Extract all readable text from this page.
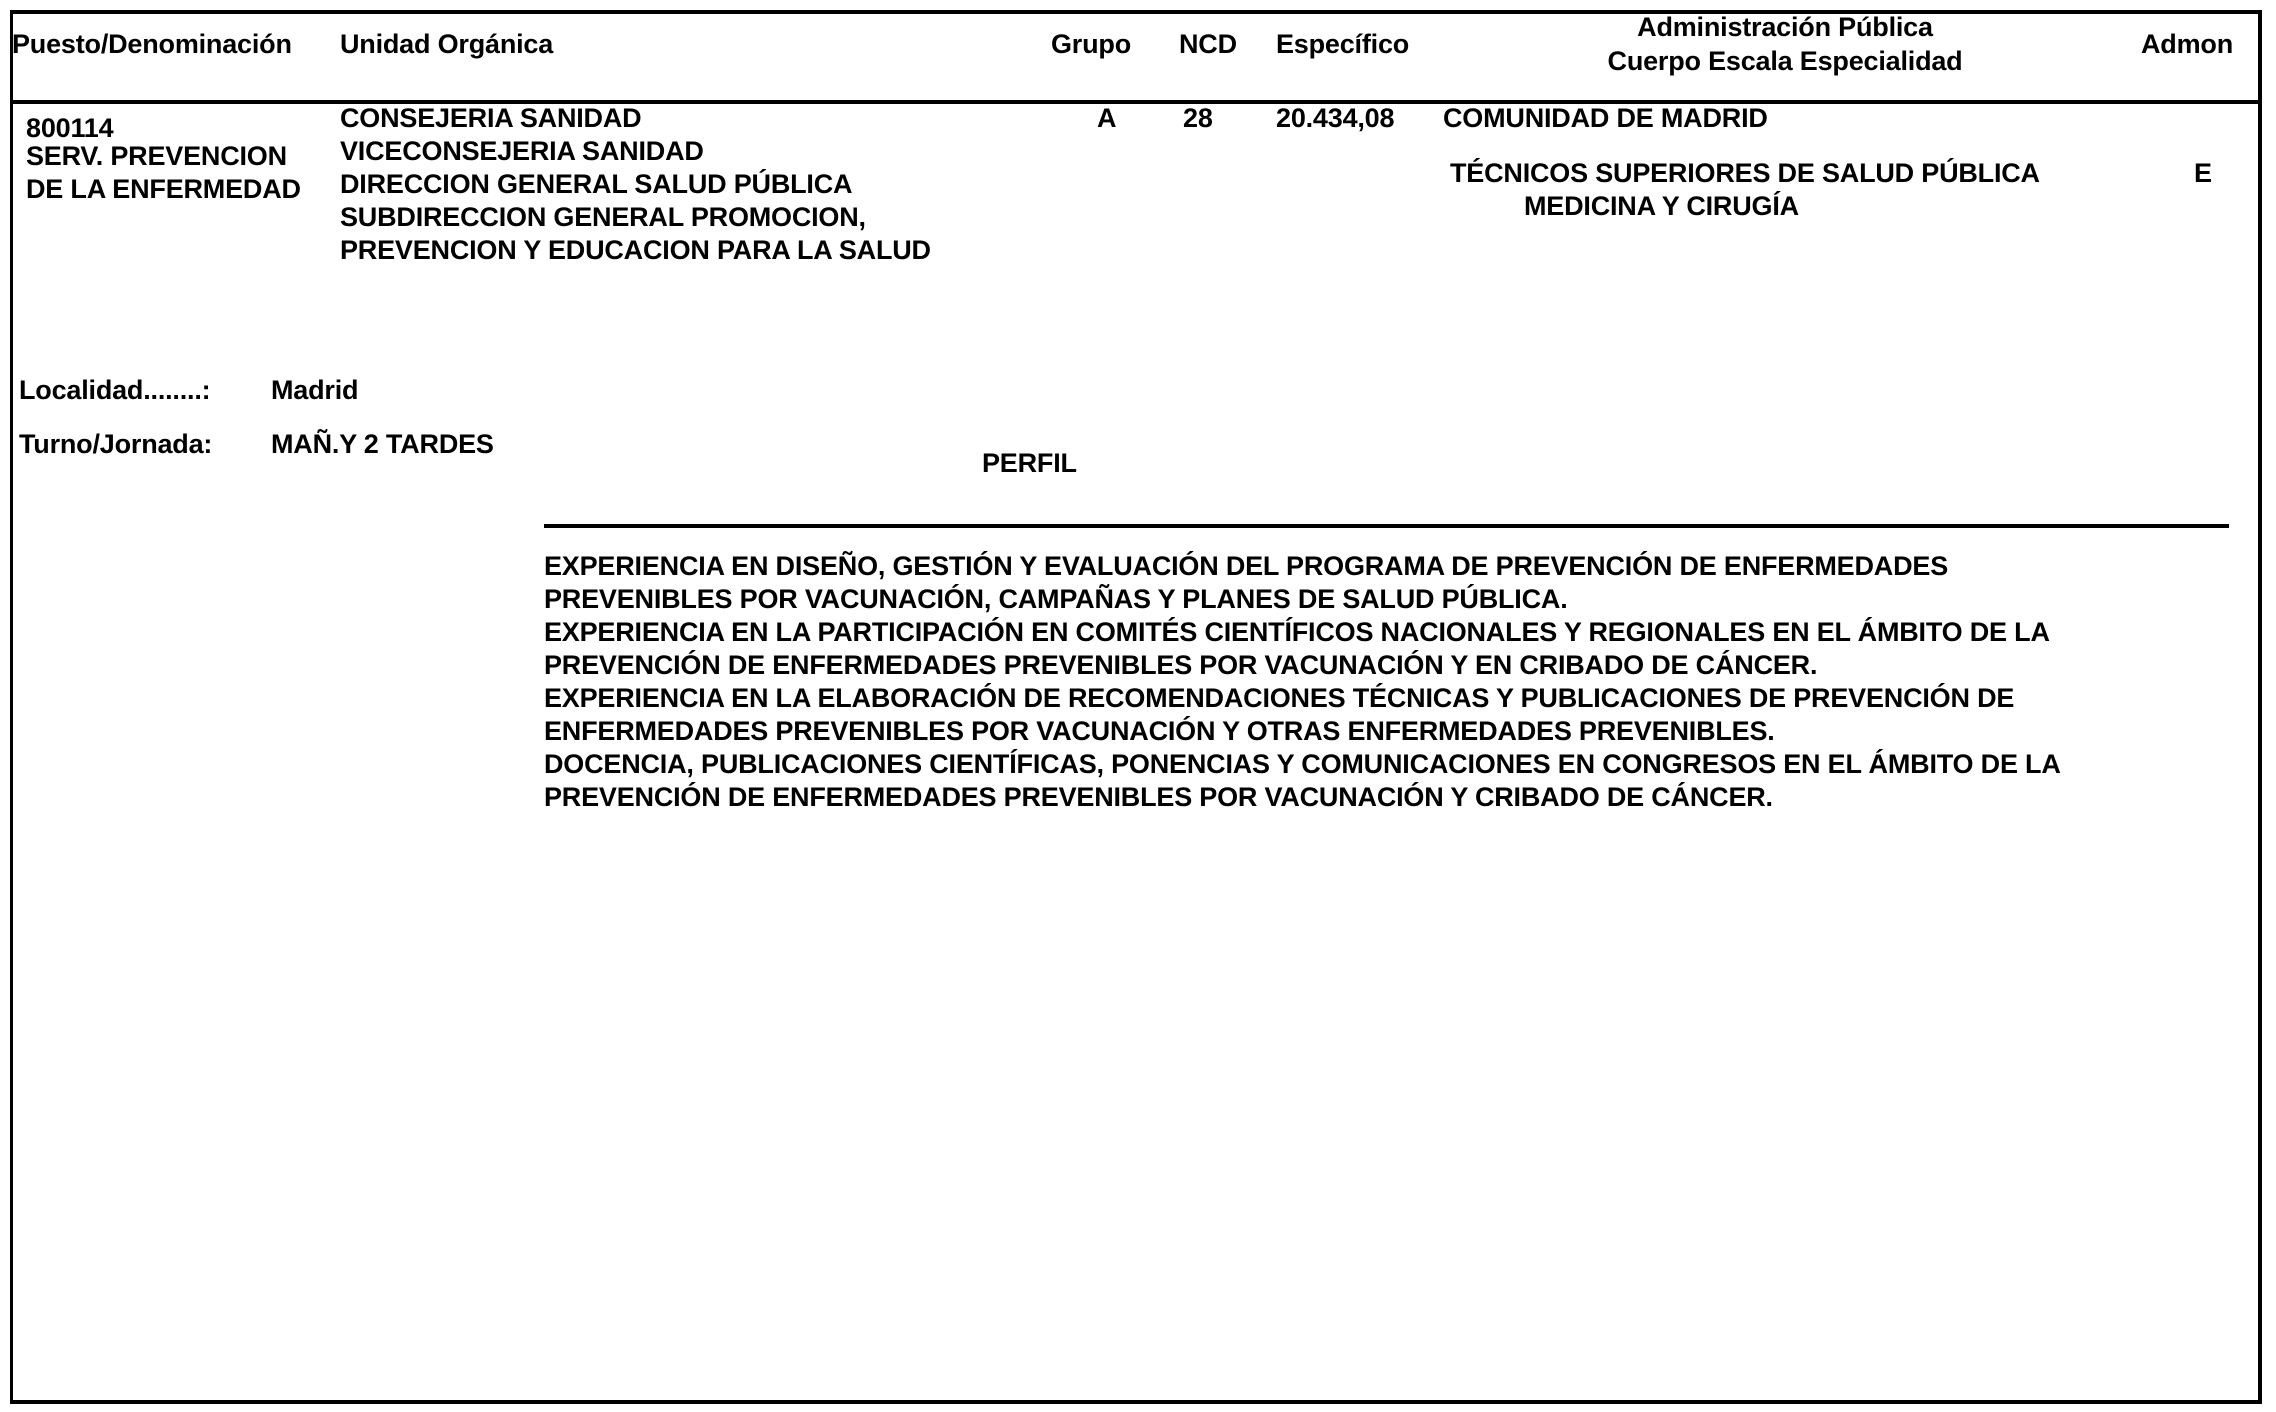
Puesto/Denominación Unidad Orgánica	Grupo NCD Específico
Administración Pública
Cuerpo Escala Especialidad
Admon
800114
SERV. PREVENCION
DE LA ENFERMEDAD
CONSEJERIA SANIDAD
VICECONSEJERIA SANIDAD
DIRECCION GENERAL SALUD PÚBLICA
SUBDIRECCION GENERAL PROMOCION,
PREVENCION Y EDUCACION PARA LA SALUD
A 28 20.434,08 COMUNIDAD DE MADRID
TÉCNICOS SUPERIORES DE SALUD PÚBLICA
MEDICINA Y CIRUGÍA
E
Localidad........: Madrid
Turno/Jornada: MAÑ.Y 2 TARDES
PERFIL
EXPERIENCIA EN DISEÑO, GESTIÓN Y EVALUACIÓN DEL PROGRAMA DE PREVENCIÓN DE ENFERMEDADES
PREVENIBLES POR VACUNACIÓN, CAMPAÑAS Y PLANES DE SALUD PÚBLICA.
EXPERIENCIA EN LA PARTICIPACIÓN EN COMITÉS CIENTÍFICOS NACIONALES Y REGIONALES EN EL ÁMBITO DE LA
PREVENCIÓN DE ENFERMEDADES PREVENIBLES POR VACUNACIÓN Y EN CRIBADO DE CÁNCER.
EXPERIENCIA EN LA ELABORACIÓN DE RECOMENDACIONES TÉCNICAS Y PUBLICACIONES DE PREVENCIÓN DE
ENFERMEDADES PREVENIBLES POR VACUNACIÓN Y OTRAS ENFERMEDADES PREVENIBLES.
DOCENCIA, PUBLICACIONES CIENTÍFICAS, PONENCIAS Y COMUNICACIONES EN CONGRESOS EN EL ÁMBITO DE LA
PREVENCIÓN DE ENFERMEDADES PREVENIBLES POR VACUNACIÓN Y CRIBADO DE CÁNCER.
